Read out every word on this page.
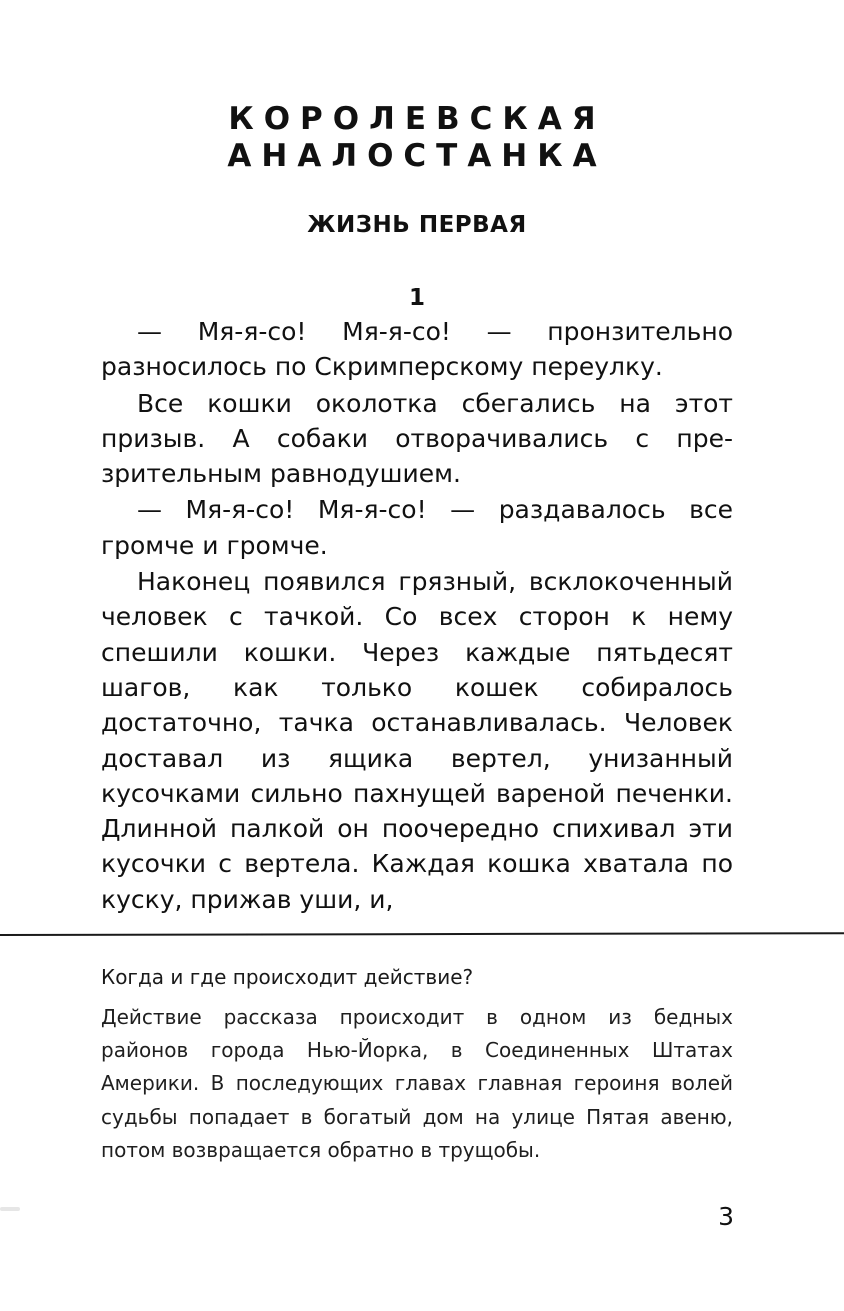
КОРОЛЕВСКАЯ
АНАЛОСТАНКА
ЖИЗНЬ ПЕРВАЯ
1

— Мя-я-со! Мя-я-со! — пронзительно разносилось по Скримперскому переулку.

Все кошки околотка сбегались на этот призыв. А собаки отворачивались с презрительным равнодушием.

— Мя-я-со! Мя-я-со! — раздавалось все громче и громче.

Наконец появился грязный, всклокоченный человек с тачкой. Со всех сторон к нему спешили кошки. Через каждые пятьдесят шагов, как только кошек собиралось достаточно, тачка останавливалась. Человек доставал из ящика вертел, унизанный кусочками сильно пахнущей вареной печенки. Длинной палкой он поочередно спихивал эти кусочки с вертела. Каждая кошка хватала по куску, прижав уши, и,

Когда и где происходит действие?

Действие рассказа происходит в одном из бедных районов города Нью-Йорка, в Соединенных Штатах Америки. В последующих главах главная героиня волей судьбы попадает в богатый дом на улице Пятая авеню, потом возвращается обратно в трущобы.

3
